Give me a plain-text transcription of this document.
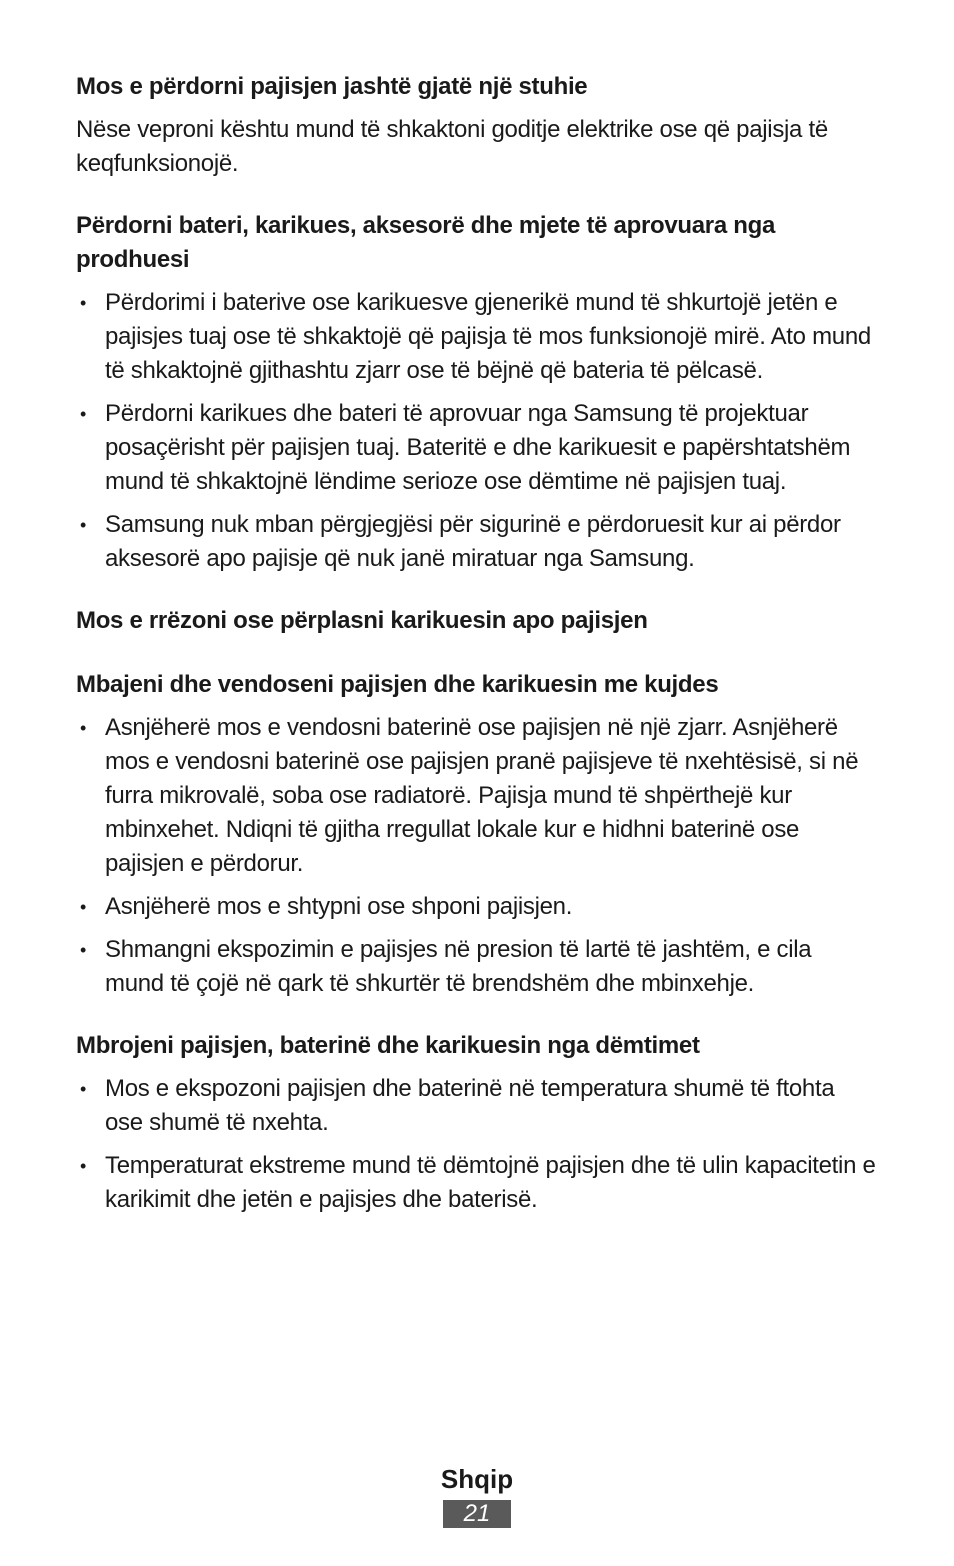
Mos e përdorni pajisjen jashtë gjatë një stuhie

Nëse veproni kështu mund të shkaktoni goditje elektrike ose që pajisja të keqfunksionojë.

Përdorni bateri, karikues, aksesorë dhe mjete të aprovuara nga prodhuesi

• Përdorimi i baterive ose karikuesve gjenerikë mund të shkurtojë jetën e pajisjes tuaj ose të shkaktojë që pajisja të mos funksionojë mirë. Ato mund të shkaktojnë gjithashtu zjarr ose të bëjnë që bateria të pëlcasë.
• Përdorni karikues dhe bateri të aprovuar nga Samsung të projektuar posaçërisht për pajisjen tuaj. Bateritë e dhe karikuesit e papërshtatshëm mund të shkaktojnë lëndime serioze ose dëmtime në pajisjen tuaj.
• Samsung nuk mban përgjegjësi për sigurinë e përdoruesit kur ai përdor aksesorë apo pajisje që nuk janë miratuar nga Samsung.

Mos e rrëzoni ose përplasni karikuesin apo pajisjen

Mbajeni dhe vendoseni pajisjen dhe karikuesin me kujdes

• Asnjëherë mos e vendosni baterinë ose pajisjen në një zjarr. Asnjëherë mos e vendosni baterinë ose pajisjen pranë pajisjeve të nxehtësisë, si në furra mikrovalë, soba ose radiatorë. Pajisja mund të shpërthejë kur mbinxehet. Ndiqni të gjitha rregullat lokale kur e hidhni baterinë ose pajisjen e përdorur.
• Asnjëherë mos e shtypni ose shponi pajisjen.
• Shmangni ekspozimin e pajisjes në presion të lartë të jashtëm, e cila mund të çojë në qark të shkurtër të brendshëm dhe mbinxehje.

Mbrojeni pajisjen, baterinë dhe karikuesin nga dëmtimet

• Mos e ekspozoni pajisjen dhe baterinë në temperatura shumë të ftohta ose shumë të nxehta.
• Temperaturat ekstreme mund të dëmtojnë pajisjen dhe të ulin kapacitetin e karikimit dhe jetën e pajisjes dhe baterisë.
Shqip
21
